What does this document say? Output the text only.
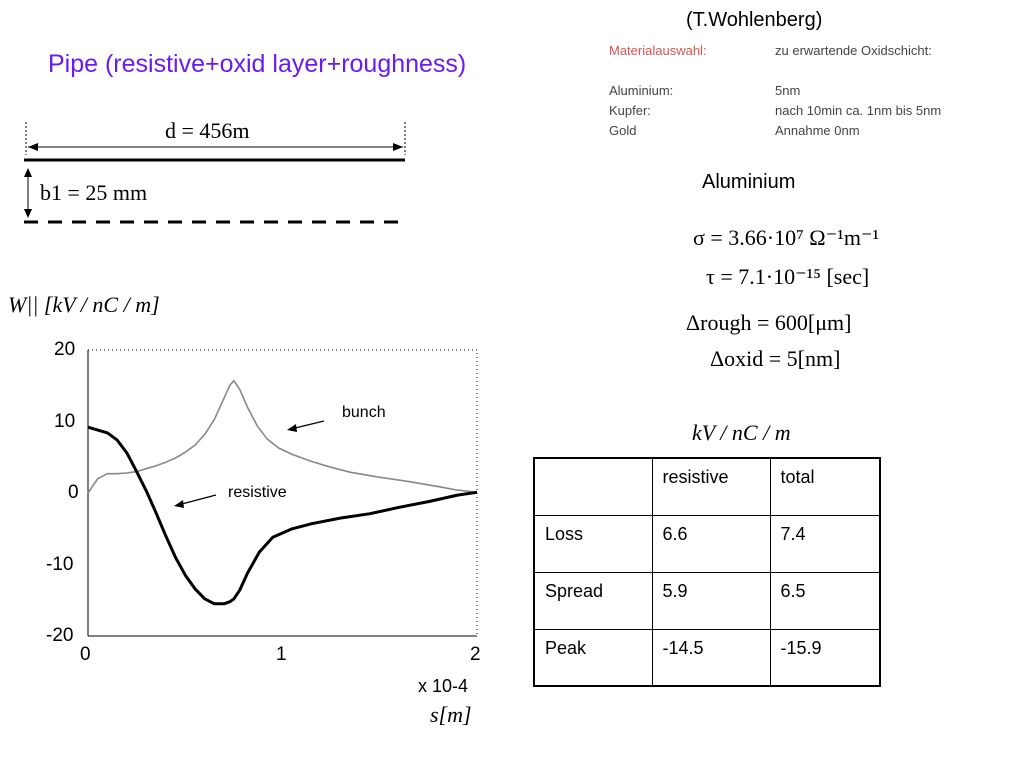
Pipe (resistive+oxid layer+roughness)
(T.Wohlenberg)
d = 456m
b1 = 25 mm
Materialauswahl:	zu erwartende Oxidschicht:
Aluminium:	5nm
Kupfer:	nach 10min ca. 1nm bis 5nm
Gold	Annahme 0nm
Aluminium
σ = 3.66·10⁷ Ω⁻¹m⁻¹
τ = 7.1·10⁻¹⁵ [sec]
Δrough = 600[μm]
Δoxid = 5[nm]
kV / nC / m
	resistive	total
Loss	6.6	7.4
Spread	5.9	6.5
Peak	-14.5	-15.9
W|| [kV / nC / m]
20
10
0
-10
-20
0	1	2
x 10-4
s[m]
bunch
resistive
